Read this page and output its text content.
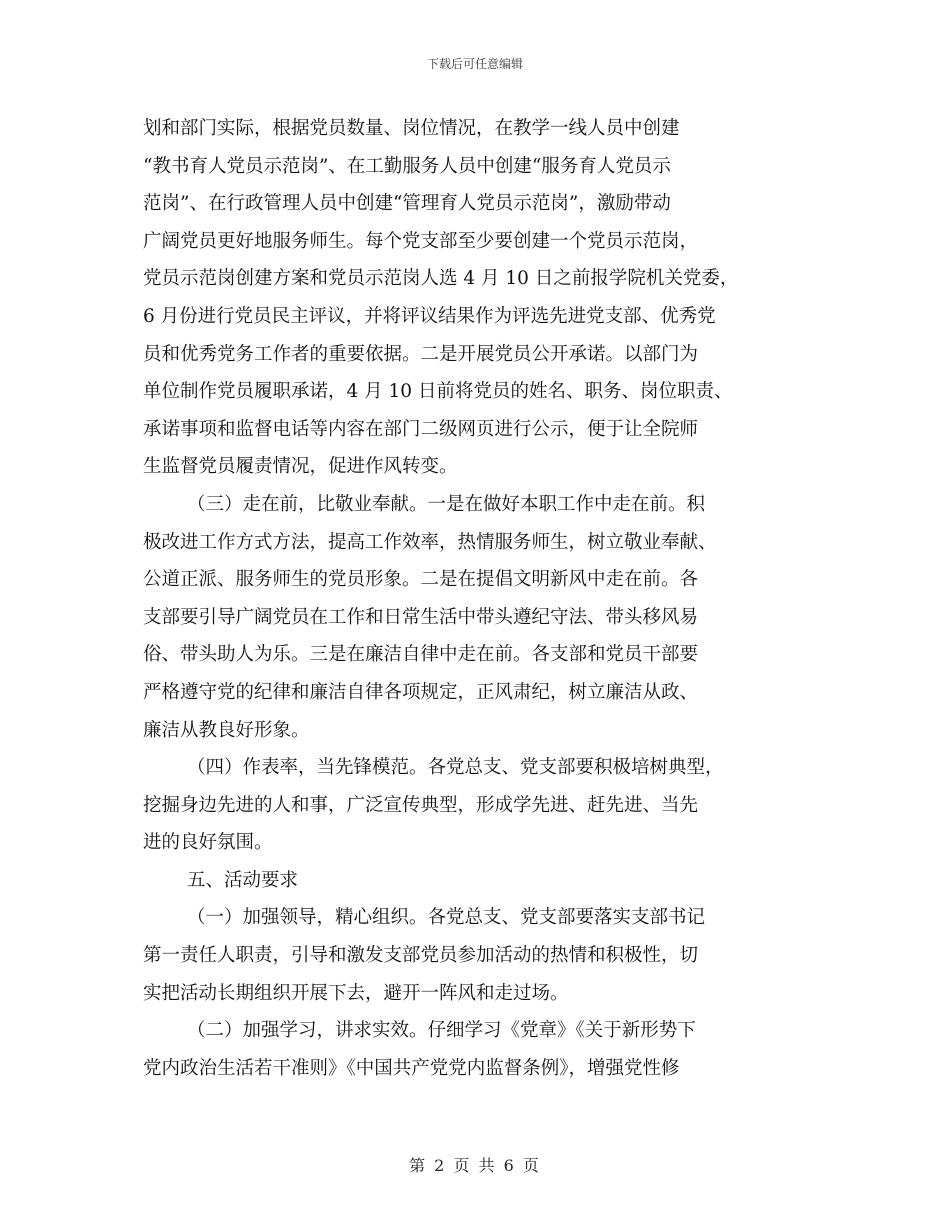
下载后可任意编辑
划和部门实际，根据党员数量、岗位情况，在教学一线人员中创建
“教书育人党员示范岗”、在工勤服务人员中创建“服务育人党员示
范岗”、在行政管理人员中创建“管理育人党员示范岗”，激励带动
广阔党员更好地服务师生。每个党支部至少要创建一个党员示范岗，
党员示范岗创建方案和党员示范岗人选 4 月 10 日之前报学院机关党委，
6 月份进行党员民主评议，并将评议结果作为评选先进党支部、优秀党
员和优秀党务工作者的重要依据。二是开展党员公开承诺。以部门为
单位制作党员履职承诺，4 月 10 日前将党员的姓名、职务、岗位职责、
承诺事项和监督电话等内容在部门二级网页进行公示，便于让全院师
生监督党员履责情况，促进作风转变。
（三）走在前，比敬业奉献。一是在做好本职工作中走在前。积
极改进工作方式方法，提高工作效率，热情服务师生，树立敬业奉献、
公道正派、服务师生的党员形象。二是在提倡文明新风中走在前。各
支部要引导广阔党员在工作和日常生活中带头遵纪守法、带头移风易
俗、带头助人为乐。三是在廉洁自律中走在前。各支部和党员干部要
严格遵守党的纪律和廉洁自律各项规定，正风肃纪，树立廉洁从政、
廉洁从教良好形象。
（四）作表率，当先锋模范。各党总支、党支部要积极培树典型，
挖掘身边先进的人和事，广泛宣传典型，形成学先进、赶先进、当先
进的良好氛围。
五、活动要求
（一）加强领导，精心组织。各党总支、党支部要落实支部书记
第一责任人职责，引导和激发支部党员参加活动的热情和积极性，切
实把活动长期组织开展下去，避开一阵风和走过场。
（二）加强学习，讲求实效。仔细学习《党章》《关于新形势下
党内政治生活若干准则》《中国共产党党内监督条例》，增强党性修
第 2 页 共 6 页
